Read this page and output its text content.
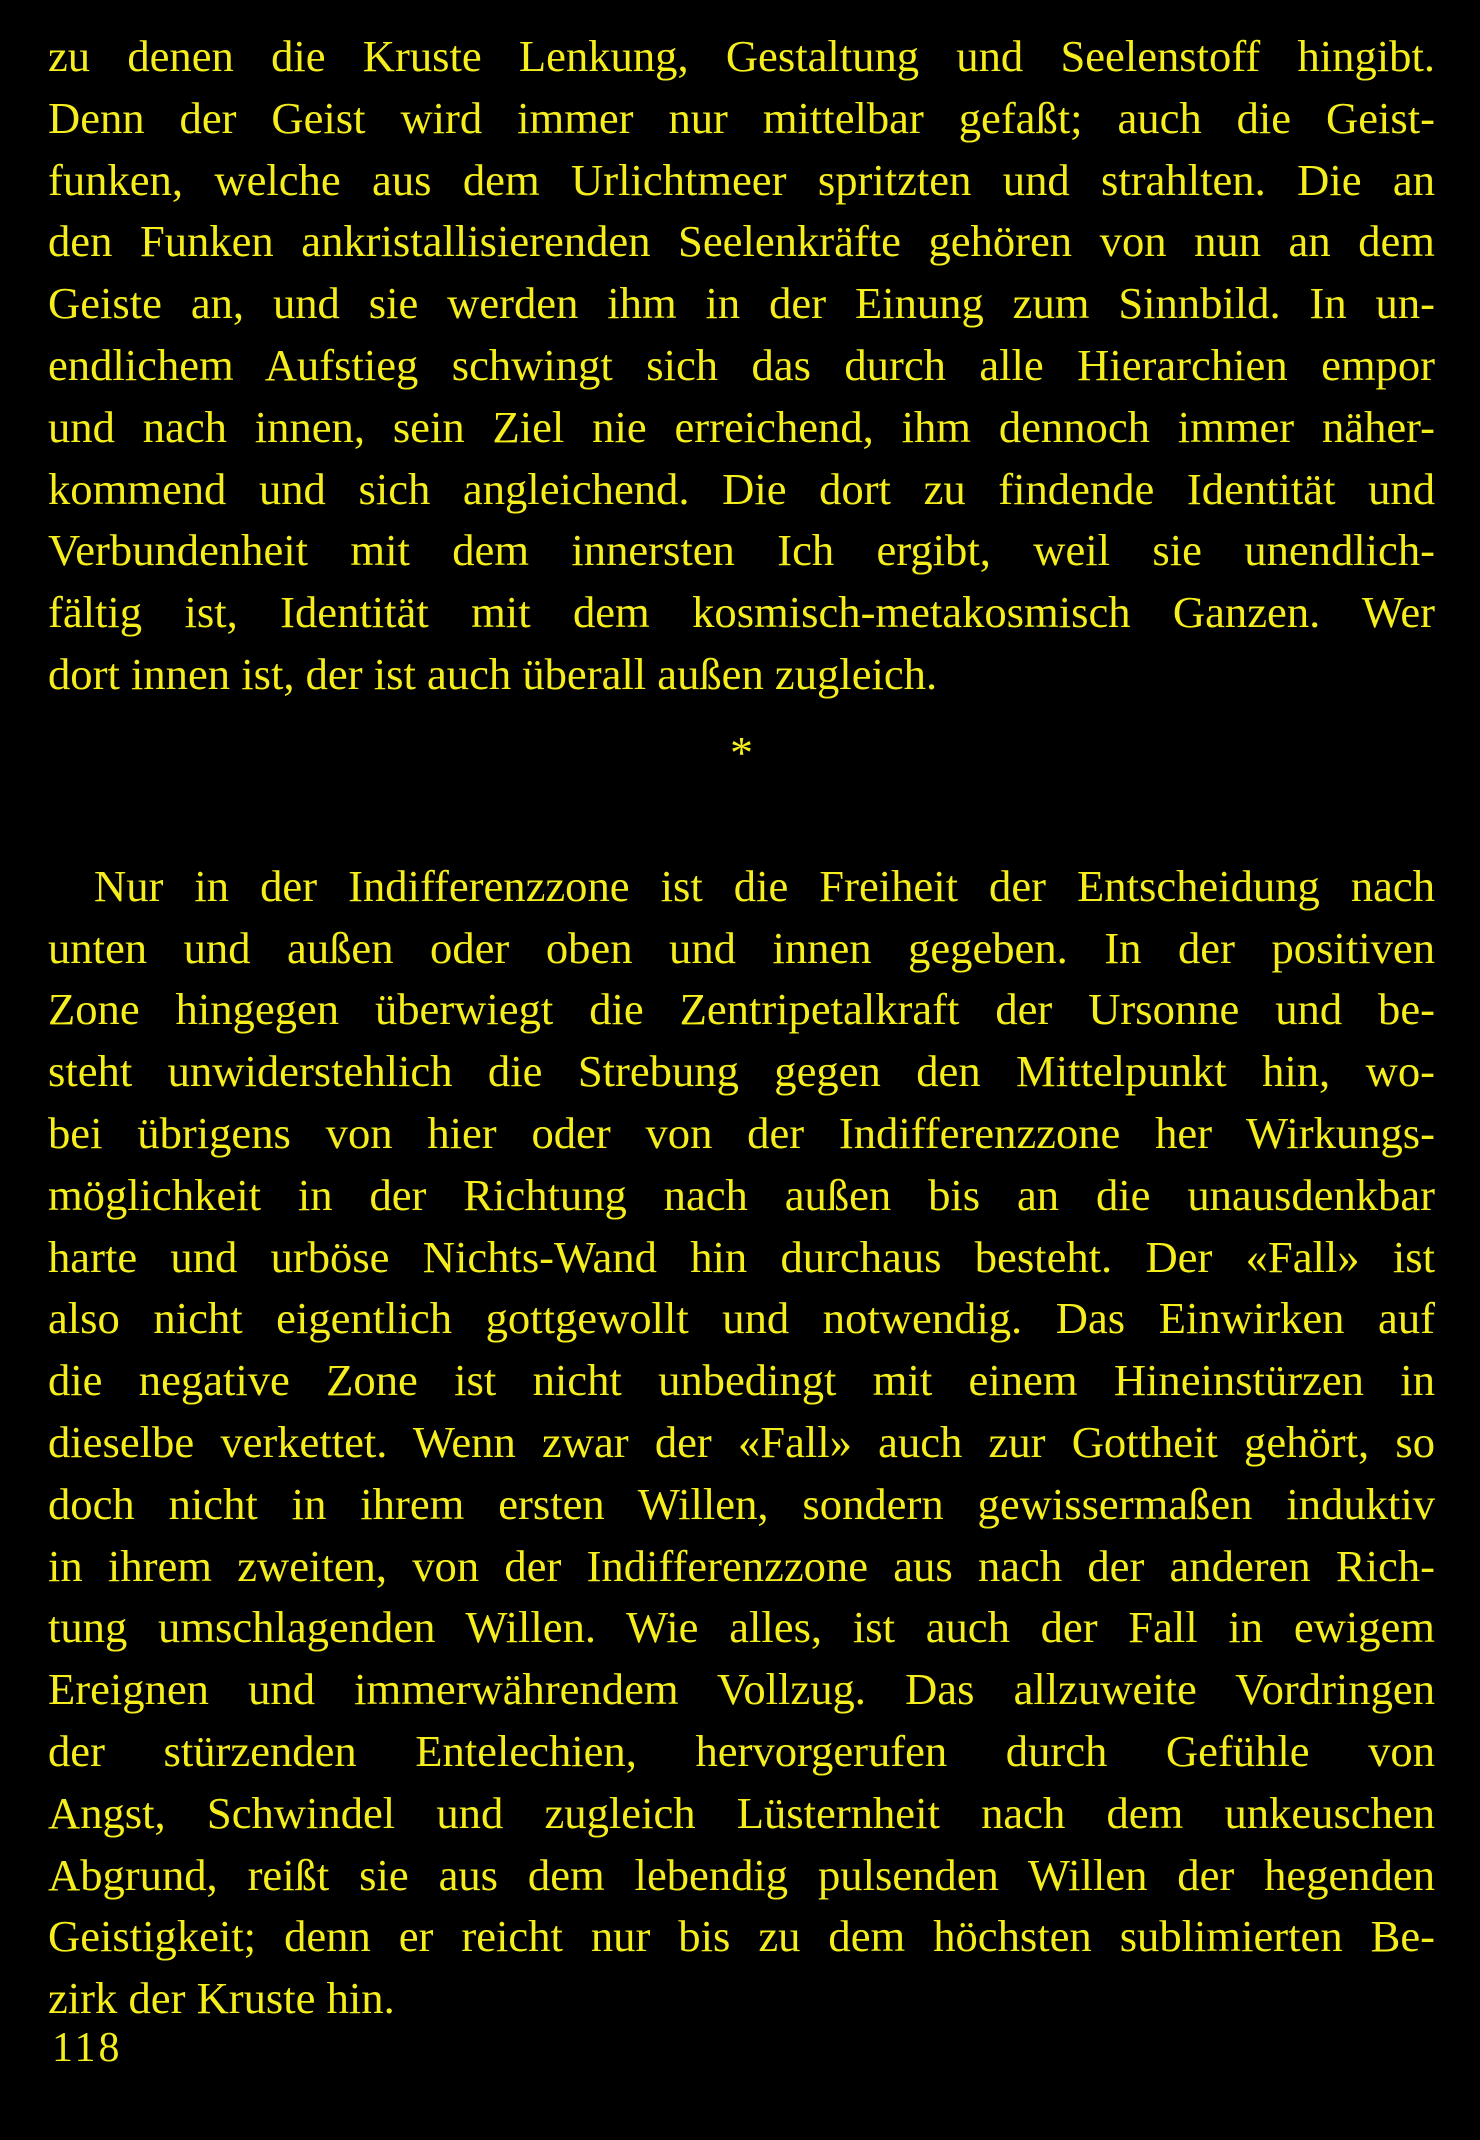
zu denen die Kruste Lenkung, Gestaltung und Seelenstoff hingibt.
Denn der Geist wird immer nur mittelbar gefaßt; auch die Geist-
funken, welche aus dem Urlichtmeer spritzten und strahlten. Die an
den Funken ankristallisierenden Seelenkräfte gehören von nun an dem
Geiste an, und sie werden ihm in der Einung zum Sinnbild. In un-
endlichem Aufstieg schwingt sich das durch alle Hierarchien empor
und nach innen, sein Ziel nie erreichend, ihm dennoch immer näher-
kommend und sich angleichend. Die dort zu findende Identität und
Verbundenheit mit dem innersten Ich ergibt, weil sie unendlich-
fältig ist, Identität mit dem kosmisch-metakosmisch Ganzen. Wer
dort innen ist, der ist auch überall außen zugleich.
*
Nur in der Indifferenzzone ist die Freiheit der Entscheidung nach
unten und außen oder oben und innen gegeben. In der positiven
Zone hingegen überwiegt die Zentripetalkraft der Ursonne und be-
steht unwiderstehlich die Strebung gegen den Mittelpunkt hin, wo-
bei übrigens von hier oder von der Indifferenzzone her Wirkungs-
möglichkeit in der Richtung nach außen bis an die unausdenkbar
harte und urböse Nichts-Wand hin durchaus besteht. Der «Fall» ist
also nicht eigentlich gottgewollt und notwendig. Das Einwirken auf
die negative Zone ist nicht unbedingt mit einem Hineinstürzen in
dieselbe verkettet. Wenn zwar der «Fall» auch zur Gottheit gehört, so
doch nicht in ihrem ersten Willen, sondern gewissermaßen induktiv
in ihrem zweiten, von der Indifferenzzone aus nach der anderen Rich-
tung umschlagenden Willen. Wie alles, ist auch der Fall in ewigem
Ereignen und immerwährendem Vollzug. Das allzuweite Vordringen
der stürzenden Entelechien, hervorgerufen durch Gefühle von
Angst, Schwindel und zugleich Lüsternheit nach dem unkeuschen
Abgrund, reißt sie aus dem lebendig pulsenden Willen der hegenden
Geistigkeit; denn er reicht nur bis zu dem höchsten sublimierten Be-
zirk der Kruste hin.
118
